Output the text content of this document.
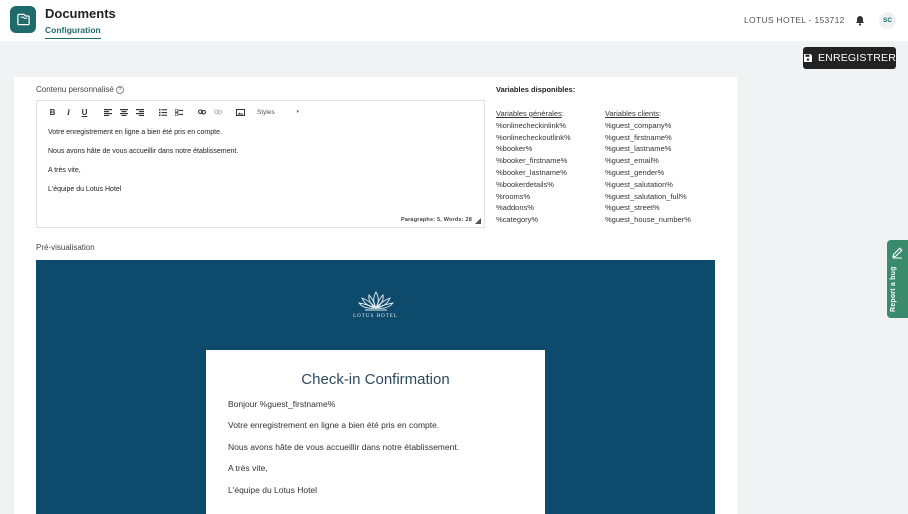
Documents
Configuration
LOTUS HOTEL - 153712	SC
ENREGISTRER
Contenu personnalisé ?
B I U	Styles	▾

Votre enregistrement en ligne a bien été pris en compte.

Nous avons hâte de vous accueillir dans notre établissement.

A très vite,

L'équipe du Lotus Hotel

Paragraphs: 5, Words: 28
Variables disponibles:
Variables générales:
%onlinecheckinlink%
%onlinecheckoutlink%
%booker%
%booker_firstname%
%booker_lastname%
%bookerdetails%
%rooms%
%addons%
%category%
Variables clients:
%guest_company%
%guest_firstname%
%guest_lastname%
%guest_email%
%guest_gender%
%guest_salutation%
%guest_salutation_full%
%guest_street%
%guest_house_number%
Pré-visualisation
LOTUS HOTEL
Check-in Confirmation

Bonjour %guest_firstname%

Votre enregistrement en ligne a bien été pris en compte.

Nous avons hâte de vous accueillir dans notre établissement.

A très vite,

L'équipe du Lotus Hotel

Report a bug
